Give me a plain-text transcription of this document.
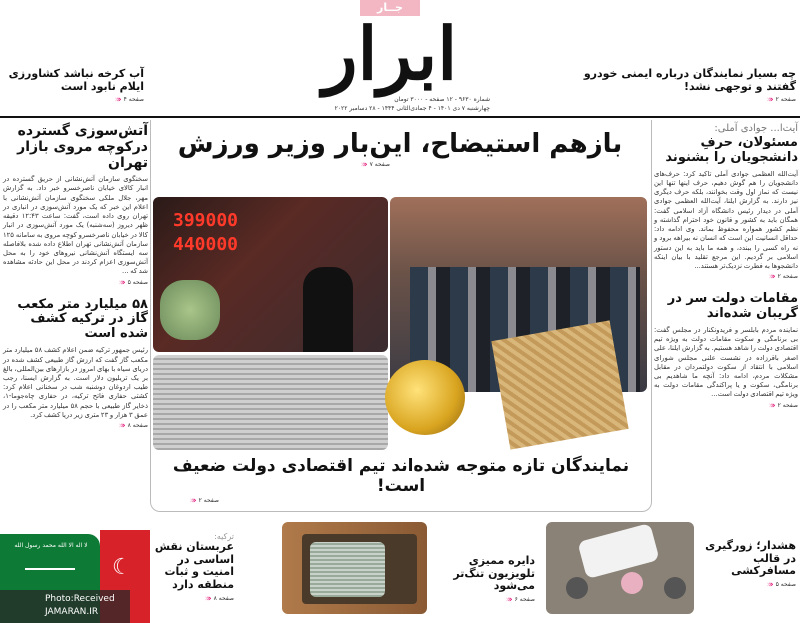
جــار
ابرار
شماره ۹۶۳۰ - ۱۲ صفحه - ۳۰۰۰ تومان
چهارشنبه ۷ دی ۱۴۰۱ - ۴ جمادی‌الثانی ۱۴۴۴ - ۲۸ دسامبر ۲۰۲۲
چه بسیار نمایندگان درباره ایمنی خودرو گفتند و توجهی نشد!
صفحه ۲
‹‹‹
آب کرخه نباشد کشاورزی ایلام نابود است
صفحه ۴
‹‹‹
آتش‌سوزی گسترده درکوچه مروی بازار تهران
سخنگوی سازمان آتش‌نشانی از حریق گسترده در انبار کالای خیابان ناصرخسرو خبر داد. به گزارش مهر، جلال ملکی سخنگوی سازمان آتش‌نشانی با اعلام این خبر که یک مورد آتش‌سوزی در انباری در تهران روی داده است، گفت: ساعت ۱۲:۴۳ دقیقه ظهر دیروز (سه‌شنبه) یک مورد آتش‌سوزی در انبار کالا در خیابان ناصرخسرو کوچه مروی به سامانه ۱۲۵ سازمان آتش‌نشانی تهران اطلاع داده شده بلافاصله سه ایستگاه آتش‌نشانی نیروهای خود را به محل آتش‌سوزی اعزام کردند در محل این حادثه مشاهده شد که ...
صفحه ۵
‹‹‹
۵۸ میلیارد متر مکعب گاز در ترکیه کشف شده است
رئیس جمهور ترکیه ضمن اعلام کشف ۵۸ میلیارد متر مکعب گاز گفت که ارزش گاز طبیعی کشف شده در دریای سیاه با بهای امروز در بازارهای بین‌المللی، بالغ بر یک تریلیون دلار است. به گزارش ایسنا، رجب طیب اردوغان دوشنبه شب در سخنانی اعلام کرد: کشتی حفاری فاتح ترکیه، در حفاری چاه‌جوما-۱، ذخایر گاز طبیعی با حجم ۵۸ میلیارد متر مکعب را در عمق ۳ هزار و ۲۳ متری زیر دریا کشف کرد.
صفحه ۸
‹‹‹
آیت‌ا... جوادی آملی:
مسئولان، حرفِ دانشجویان را بشنوند
آیت‌الله العظمی جوادی آملی تاکید کرد: حرف‌های دانشجویان را هم گوش دهیم، حرف اینها تنها این نیست که نماز اول وقت بخوانند، بلکه حرف دیگری نیز دارند. به گزارش ایلنا، آیت‌الله العظمی جوادی آملی در دیدار رئیس دانشگاه آزاد اسلامی گفت: همگان باید به کشور و قانون خود احترام گذاشته و نظم کشور همواره محفوظ بماند. وی ادامه داد: حداقل انسانیت این است که انسان نه بیراهه برود و نه راه کسی را ببندد، و همه ما باید به این دستور اسلامی بر گردیم. این مرجع تقلید با بیان اینکه دانشجوها به فطرت نزدیک‌تر هستند...
صفحه ۲
‹‹‹
مقامات دولت سر در گریبان شده‌اند
نماینده مردم بابلسر و فریدونکنار در مجلس گفت: بی برنامگی و سکوت مقامات دولت به ویژه تیم اقتصادی دولت را شاهد هستیم. به گزارش ایلنا، علی اصغر باقرزاده در نشست علنی مجلس شورای اسلامی با انتقاد از سکوت دولتمردان در مقابل مشکلات مردم، ادامه داد: آنچه ما شاهدیم بی برنامگی، سکوت و یا پراکندگی مقامات دولت به ویژه تیم اقتصادی دولت است...
صفحه ۲
‹‹‹
بازهم استیضاح، این‌بار وزیر ورزش
صفحه ۷
‹‹‹
399000
440000
نمایندگان تازه متوجه شده‌اند تیم اقتصادی دولت ضعیف است!
صفحه ۲
‹‹‹
لا اله الا الله محمد رسول الله
☾
Photo:Received
JAMARAN.IR
ترکیه:
عربستان نقش اساسی در امنیت و ثبات منطقه دارد
صفحه ۸
‹‹‹
دایره ممیزی تلویزیون تنگ‌تر می‌شود
صفحه ۶
‹‹‹
هشدار؛ زورگیری در قالب مسافرکشی
صفحه ۵
‹‹‹
